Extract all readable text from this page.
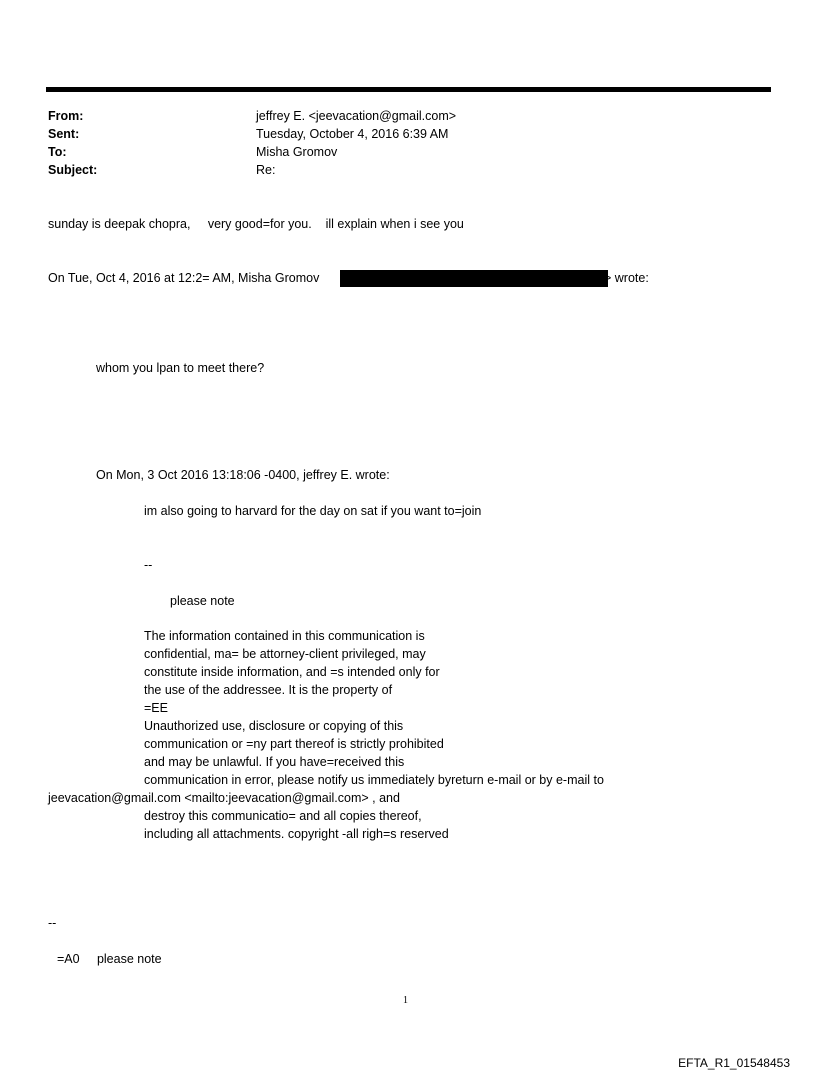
From:	jeffrey E. <jeevacation@gmail.com>
Sent:	Tuesday, October 4, 2016 6:39 AM
To:	Misha Gromov
Subject:	Re:
sunday is deepak chopra,     very good=for you.    ill explain when i see you
On Tue, Oct 4, 2016 at 12:2= AM, Misha Gromov	> wrote:
whom you lpan to meet there?
On Mon, 3 Oct 2016 13:18:06 -0400, jeffrey E. wrote:
im also going to harvard for the day on sat if you want to=join
--
please note
The information contained in this communication is
confidential, ma= be attorney-client privileged, may
constitute inside information, and =s intended only for
the use of the addressee. It is the property of
=EE
Unauthorized use, disclosure or copying of this
communication or =ny part thereof is strictly prohibited
and may be unlawful. If you have=received this
communication in error, please notify us immediately byreturn e-mail or by e-mail to
jeevacation@gmail.com <mailto:jeevacation@gmail.com> , and
destroy this communicatio= and all copies thereof,
including all attachments. copyright -all righ=s reserved
--
=A0     please note
1
EFTA_R1_01548453
